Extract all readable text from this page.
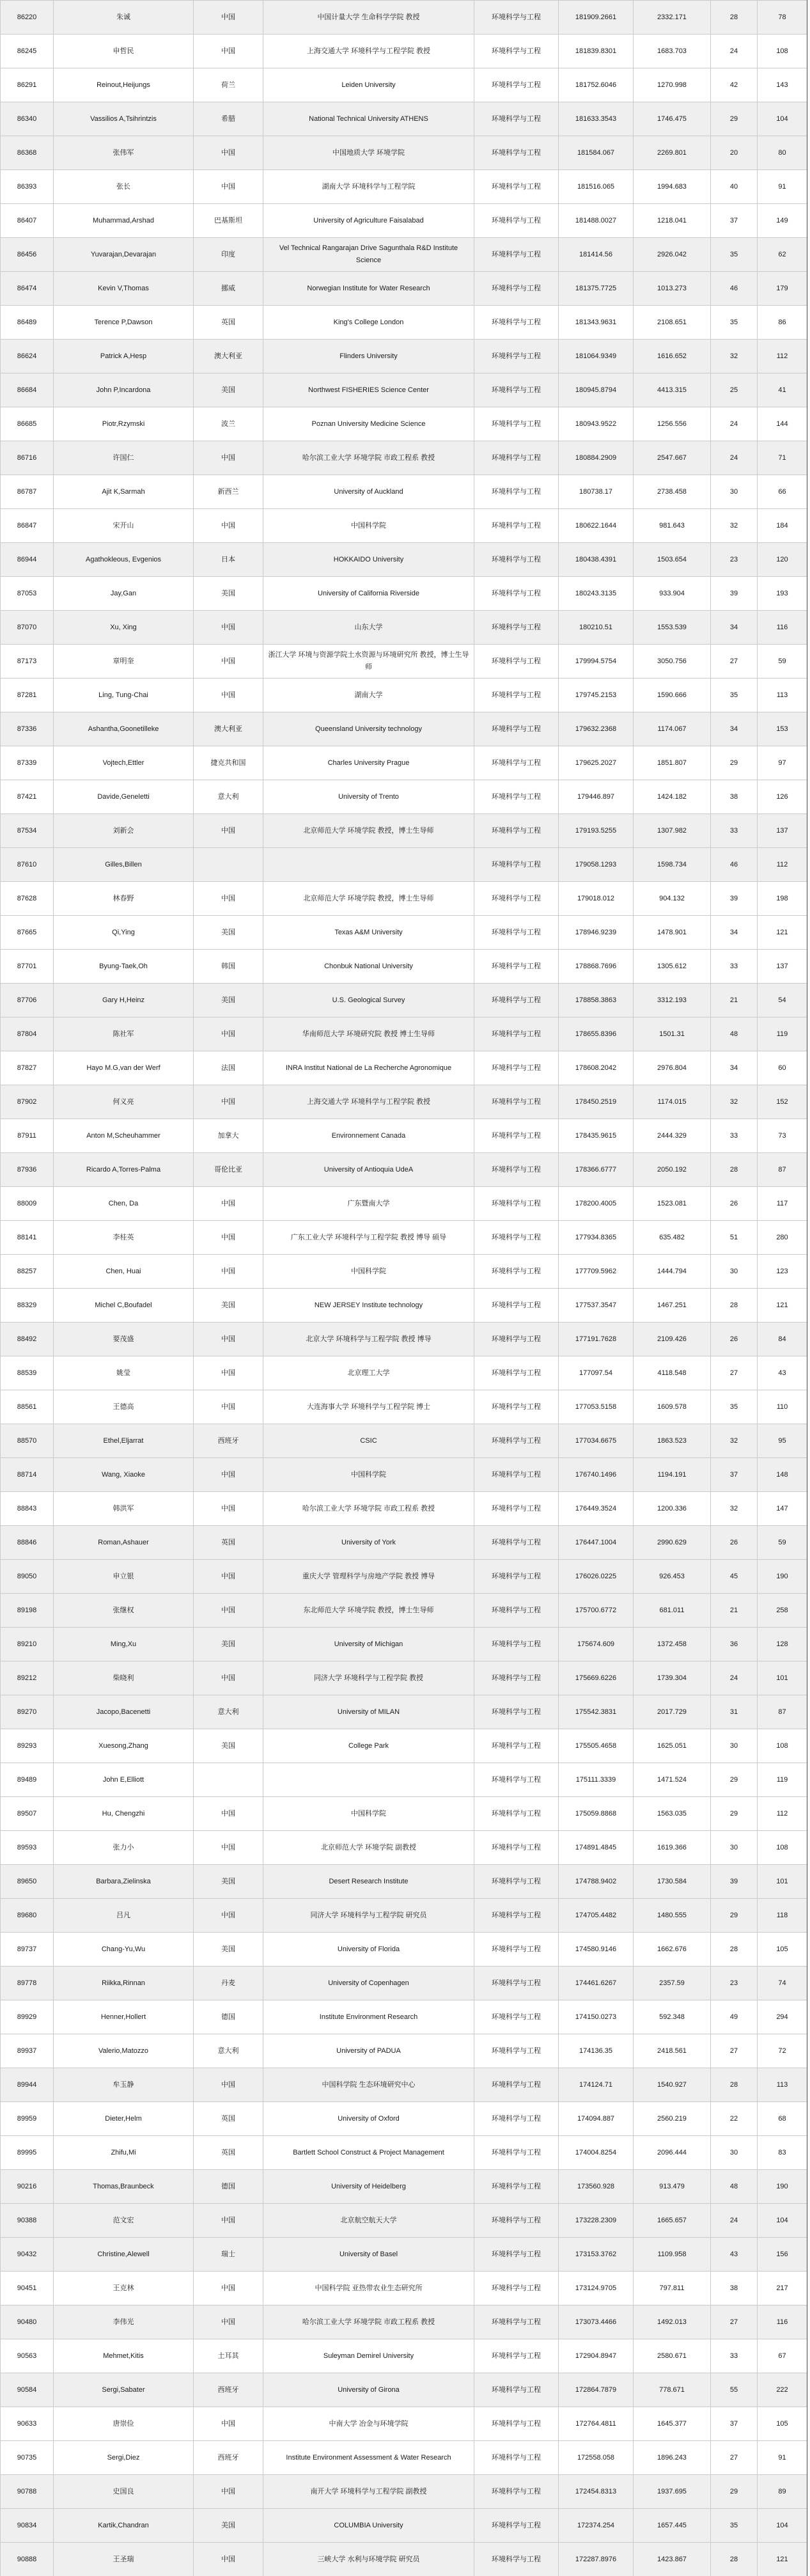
86220	朱诚	中国	中国计量大学 生命科学学院 教授	环境科学与工程	181909.2661	2332.171	28	78
86245	申哲民	中国	上海交通大学 环境科学与工程学院 教授	环境科学与工程	181839.8301	1683.703	24	108
86291	Reinout,Heijungs	荷兰	Leiden University	环境科学与工程	181752.6046	1270.998	42	143
86340	Vassilios A,Tsihrintzis	希腊	National Technical University ATHENS	环境科学与工程	181633.3543	1746.475	29	104
86368	张伟军	中国	中国地质大学 环境学院	环境科学与工程	181584.067	2269.801	20	80
86393	张长	中国	湖南大学 环境科学与工程学院	环境科学与工程	181516.065	1994.683	40	91
86407	Muhammad,Arshad	巴基斯坦	University of Agriculture Faisalabad	环境科学与工程	181488.0027	1218.041	37	149
86456	Yuvarajan,Devarajan	印度	Vel Technical Rangarajan Drive Sagunthala R&D Institute Science	环境科学与工程	181414.56	2926.042	35	62
86474	Kevin V,Thomas	挪威	Norwegian Institute for Water Research	环境科学与工程	181375.7725	1013.273	46	179
86489	Terence P,Dawson	英国	King's College London	环境科学与工程	181343.9631	2108.651	35	86
86624	Patrick A,Hesp	澳大利亚	Flinders University	环境科学与工程	181064.9349	1616.652	32	112
86684	John P,Incardona	美国	Northwest FISHERIES Science Center	环境科学与工程	180945.8794	4413.315	25	41
86685	Piotr,Rzymski	波兰	Poznan University Medicine Science	环境科学与工程	180943.9522	1256.556	24	144
86716	许国仁	中国	哈尔滨工业大学 环境学院 市政工程系 教授	环境科学与工程	180884.2909	2547.667	24	71
86787	Ajit K,Sarmah	新西兰	University of Auckland	环境科学与工程	180738.17	2738.458	30	66
86847	宋开山	中国	中国科学院	环境科学与工程	180622.1644	981.643	32	184
86944	Agathokleous, Evgenios	日本	HOKKAIDO University	环境科学与工程	180438.4391	1503.654	23	120
87053	Jay,Gan	美国	University of California Riverside	环境科学与工程	180243.3135	933.904	39	193
87070	Xu, Xing	中国	山东大学	环境科学与工程	180210.51	1553.539	34	116
87173	章明奎	中国	浙江大学 环境与资源学院土水资源与环境研究所 教授，博士生导师	环境科学与工程	179994.5754	3050.756	27	59
87281	Ling, Tung-Chai	中国	湖南大学	环境科学与工程	179745.2153	1590.666	35	113
87336	Ashantha,Goonetilleke	澳大利亚	Queensland University technology	环境科学与工程	179632.2368	1174.067	34	153
87339	Vojtech,Ettler	捷克共和国	Charles University Prague	环境科学与工程	179625.2027	1851.807	29	97
87421	Davide,Geneletti	意大利	University of Trento	环境科学与工程	179446.897	1424.182	38	126
87534	刘新会	中国	北京师范大学 环境学院 教授，博士生导师	环境科学与工程	179193.5255	1307.982	33	137
87610	Gilles,Billen			环境科学与工程	179058.1293	1598.734	46	112
87628	林春野	中国	北京师范大学 环境学院 教授，博士生导师	环境科学与工程	179018.012	904.132	39	198
87665	Qi,Ying	美国	Texas A&M University	环境科学与工程	178946.9239	1478.901	34	121
87701	Byung-Taek,Oh	韩国	Chonbuk National University	环境科学与工程	178868.7696	1305.612	33	137
87706	Gary H,Heinz	美国	U.S. Geological Survey	环境科学与工程	178858.3863	3312.193	21	54
87804	陈社军	中国	华南师范大学 环境研究院 教授 博士生导师	环境科学与工程	178655.8396	1501.31	48	119
87827	Hayo M.G,van der Werf	法国	INRA Institut National de La Recherche Agronomique	环境科学与工程	178608.2042	2976.804	34	60
87902	何义亮	中国	上海交通大学 环境科学与工程学院 教授	环境科学与工程	178450.2519	1174.015	32	152
87911	Anton M,Scheuhammer	加拿大	Environnement Canada	环境科学与工程	178435.9615	2444.329	33	73
87936	Ricardo A,Torres-Palma	哥伦比亚	University of Antioquia UdeA	环境科学与工程	178366.6777	2050.192	28	87
88009	Chen, Da	中国	广东暨南大学	环境科学与工程	178200.4005	1523.081	26	117
88141	李桂英	中国	广东工业大学 环境科学与工程学院 教授 博导 硕导	环境科学与工程	177934.8365	635.482	51	280
88257	Chen, Huai	中国	中国科学院	环境科学与工程	177709.5962	1444.794	30	123
88329	Michel C,Boufadel	美国	NEW JERSEY Institute technology	环境科学与工程	177537.3547	1467.251	28	121
88492	要茂盛	中国	北京大学 环境科学与工程学院 教授 博导	环境科学与工程	177191.7628	2109.426	26	84
88539	姚莹	中国	北京理工大学	环境科学与工程	177097.54	4118.548	27	43
88561	王德高	中国	大连海事大学 环境科学与工程学院 博士	环境科学与工程	177053.5158	1609.578	35	110
88570	Ethel,Eljarrat	西班牙	CSIC	环境科学与工程	177034.6675	1863.523	32	95
88714	Wang, Xiaoke	中国	中国科学院	环境科学与工程	176740.1496	1194.191	37	148
88843	韩洪军	中国	哈尔滨工业大学 环境学院 市政工程系 教授	环境科学与工程	176449.3524	1200.336	32	147
88846	Roman,Ashauer	英国	University of York	环境科学与工程	176447.1004	2990.629	26	59
89050	申立银	中国	重庆大学 管理科学与房地产学院 教授 博导	环境科学与工程	176026.0225	926.453	45	190
89198	张继权	中国	东北师范大学 环境学院 教授，博士生导师	环境科学与工程	175700.6772	681.011	21	258
89210	Ming,Xu	美国	University of Michigan	环境科学与工程	175674.609	1372.458	36	128
89212	柴晓利	中国	同济大学 环境科学与工程学院 教授	环境科学与工程	175669.6226	1739.304	24	101
89270	Jacopo,Bacenetti	意大利	University of MILAN	环境科学与工程	175542.3831	2017.729	31	87
89293	Xuesong,Zhang	美国	College Park	环境科学与工程	175505.4658	1625.051	30	108
89489	John E,Elliott			环境科学与工程	175111.3339	1471.524	29	119
89507	Hu, Chengzhi	中国	中国科学院	环境科学与工程	175059.8868	1563.035	29	112
89593	张力小	中国	北京师范大学 环境学院 副教授	环境科学与工程	174891.4845	1619.366	30	108
89650	Barbara,Zielinska	美国	Desert Research Institute	环境科学与工程	174788.9402	1730.584	39	101
89680	吕凡	中国	同济大学 环境科学与工程学院 研究员	环境科学与工程	174705.4482	1480.555	29	118
89737	Chang-Yu,Wu	美国	University of Florida	环境科学与工程	174580.9146	1662.676	28	105
89778	Riikka,Rinnan	丹麦	University of Copenhagen	环境科学与工程	174461.6267	2357.59	23	74
89929	Henner,Hollert	德国	Institute Environment Research	环境科学与工程	174150.0273	592.348	49	294
89937	Valerio,Matozzo	意大利	University of PADUA	环境科学与工程	174136.35	2418.561	27	72
89944	牟玉静	中国	中国科学院 生态环境研究中心	环境科学与工程	174124.71	1540.927	28	113
89959	Dieter,Helm	英国	University of Oxford	环境科学与工程	174094.887	2560.219	22	68
89995	Zhifu,Mi	英国	Bartlett School Construct & Project Management	环境科学与工程	174004.8254	2096.444	30	83
90216	Thomas,Braunbeck	德国	University of Heidelberg	环境科学与工程	173560.928	913.479	48	190
90388	范文宏	中国	北京航空航天大学	环境科学与工程	173228.2309	1665.657	24	104
90432	Christine,Alewell	瑞士	University of Basel	环境科学与工程	173153.3762	1109.958	43	156
90451	王克林	中国	中国科学院 亚热带农业生态研究所	环境科学与工程	173124.9705	797.811	38	217
90480	李伟光	中国	哈尔滨工业大学 环境学院 市政工程系 教授	环境科学与工程	173073.4466	1492.013	27	116
90563	Mehmet,Kitis	土耳其	Suleyman Demirel University	环境科学与工程	172904.8947	2580.671	33	67
90584	Sergi,Sabater	西班牙	University of Girona	环境科学与工程	172864.7879	778.671	55	222
90633	唐崇俭	中国	中南大学 冶金与环境学院	环境科学与工程	172764.4811	1645.377	37	105
90735	Sergi,Diez	西班牙	Institute Environment Assessment & Water Research	环境科学与工程	172558.058	1896.243	27	91
90788	史国良	中国	南开大学 环境科学与工程学院 副教授	环境科学与工程	172454.8313	1937.695	29	89
90834	Kartik,Chandran	美国	COLUMBIA University	环境科学与工程	172374.254	1657.445	35	104
90888	王圣瑞	中国	三峡大学 水利与环境学院 研究员	环境科学与工程	172287.8976	1423.867	28	121
